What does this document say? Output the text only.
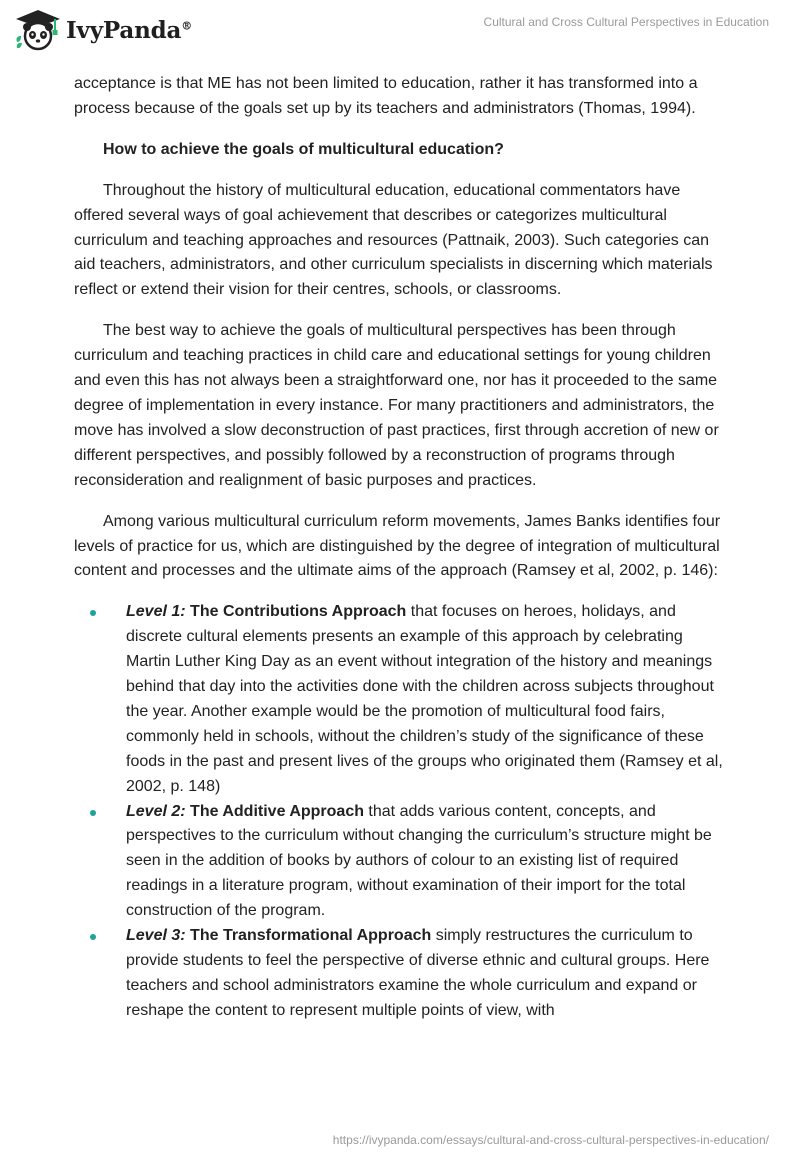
IvyPanda®	Cultural and Cross Cultural Perspectives in Education

acceptance is that ME has not been limited to education, rather it has transformed into a process because of the goals set up by its teachers and administrators (Thomas, 1994).

How to achieve the goals of multicultural education?

Throughout the history of multicultural education, educational commentators have offered several ways of goal achievement that describes or categorizes multicultural curriculum and teaching approaches and resources (Pattnaik, 2003). Such categories can aid teachers, administrators, and other curriculum specialists in discerning which materials reflect or extend their vision for their centres, schools, or classrooms.

The best way to achieve the goals of multicultural perspectives has been through curriculum and teaching practices in child care and educational settings for young children and even this has not always been a straightforward one, nor has it proceeded to the same degree of implementation in every instance. For many practitioners and administrators, the move has involved a slow deconstruction of past practices, first through accretion of new or different perspectives, and possibly followed by a reconstruction of programs through reconsideration and realignment of basic purposes and practices.

Among various multicultural curriculum reform movements, James Banks identifies four levels of practice for us, which are distinguished by the degree of integration of multicultural content and processes and the ultimate aims of the approach (Ramsey et al, 2002, p. 146):

Level 1: The Contributions Approach that focuses on heroes, holidays, and discrete cultural elements presents an example of this approach by celebrating Martin Luther King Day as an event without integration of the history and meanings behind that day into the activities done with the children across subjects throughout the year. Another example would be the promotion of multicultural food fairs, commonly held in schools, without the children’s study of the significance of these foods in the past and present lives of the groups who originated them (Ramsey et al, 2002, p. 148)
Level 2: The Additive Approach that adds various content, concepts, and perspectives to the curriculum without changing the curriculum’s structure might be seen in the addition of books by authors of colour to an existing list of required readings in a literature program, without examination of their import for the total construction of the program.
Level 3: The Transformational Approach simply restructures the curriculum to provide students to feel the perspective of diverse ethnic and cultural groups. Here teachers and school administrators examine the whole curriculum and expand or reshape the content to represent multiple points of view, with
https://ivypanda.com/essays/cultural-and-cross-cultural-perspectives-in-education/
